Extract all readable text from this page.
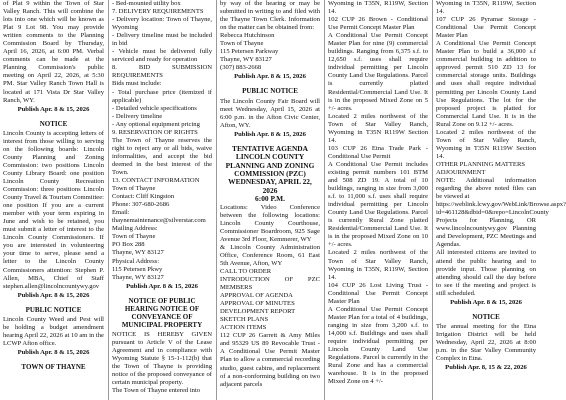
of Plat 9 within the Town of Star Valley Ranch. This will combine the lots into one which will be known as Plat 9 Lot 98. You may provide written comments to the Planning Commission Board by Thursday, April 16, 2026, at 6:00 PM. Verbal comments can be made at the Planning Commission's public meeting on April 22, 2026, at 5:30 PM. Star Valley Ranch Town Hall is located at 171 Vista Dr Star Valley Ranch, WY.

Publish Apr. 8 & 15, 2026

NOTICE

Lincoln County is accepting letters of interest from those willing to serving on the following boards: Lincoln County Planning and Zoning Commission: two positions Lincoln County Library Board: one position Lincoln County Recreation Commission: three positions Lincoln County Travel & Tourism Committee: one position If you are a current member with your term expiring in June and wish to be retained, you must submit a letter of interest to the Lincoln County Commissioners. If you are interested in volunteering your time to serve, please send a letter to the Lincoln County Commissioners attention: Stephen P. Allen, MBA, Chief of Staff stephen.allen@lincolncountywy.gov

Publish Apr. 8 & 15, 2026

PUBLIC NOTICE

Lincoln County Weed and Pest will be holding a budget amendment hearing April 22, 2026 at 10 am in the LCWP Afton office.

Publish Apr. 8 & 15, 2026

TOWN OF THAYNE

- Bed-mounted utility box
7. DELIVERY REQUIREMENTS
- Delivery location: Town of Thayne, Wyoming
- Delivery timeline must be included in bid
- Vehicle must be delivered fully serviced and ready for operation
8. BID SUBMISSION REQUIREMENTS
Bids must include:
- Total purchase price (itemized if applicable)
- Detailed vehicle specifications
- Delivery timeline
- Any optional equipment pricing
9. RESERVATION OF RIGHTS
The Town of Thayne reserves the right to reject any or all bids, waive informalities, and accept the bid deemed in the best interest of the Town.
13. CONTACT INFORMATION
Town of Thayne
Contact: Cliff Kingston
Phone: 307-680-2686
Email: thaynemaintenance@silverstar.com
Mailing Address:
Town of Thayne
PO Box 288
Thayne, WY 83127
Physical Address:
115 Petersen Pkwy
Thayne, WY 83127

Publish Apr. 8 & 15, 2026

NOTICE OF PUBLIC HEARING NOTICE OF CONVEYANCE OF MUNICIPAL PROPERTY

NOTICE IS HEREBY GIVEN pursuant to Article V of the Lease Agreement and in compliance with Wyoming Statute § 15-1-112(b) that the Town of Thayne is providing notice of the proposed conveyance of certain municipal property.
The Town of Thayne entered into

by way of the hearing or may be submitted in writing to and filed with the Thayne Town Clerk. Information on the matter can be obtained from:
Rebecca Hutchinson
Town of Thayne
115 Petersen Parkway
Thayne, WY 83127
(307) 883-2668

Publish Apr. 8 & 15, 2026

PUBLIC NOTICE

The Lincoln County Fair Board will meet Wednesday, April 15, 2026 at 6:00 p.m. in the Afton Civic Center, Afton, WY.

Publish Apr. 8 & 15, 2026

TENTATIVE AGENDA
LINCOLN COUNTY
PLANNING AND ZONING
COMMISSION (PZC)
WEDNESDAY, APRIL 22, 2026
6:00 P.M.

Locations: Video Conference between the following locations: Lincoln County Courthouse, Commissioner Boardroom, 925 Sage Avenue 3rd Floor, Kemmerer, WY
& Lincoln County Administration Office, Conference Room, 61 East 5th Avenue, Afton, WY
CALL TO ORDER
INTRODUCTION OF PZC MEMBERS
APPROVAL OF AGENDA
APPROVAL OF MINUTES
DEVELOPMENT REPORT
SKETCH PLANS
ACTION ITEMS
112 CUP 26 Garrett & Amy Miles and 95329 US 89 Revocable Trust - A Conditional Use Permit Master Plan to allow a commercial recording studio, guest cabins, and replacement of a non-conforming building on two adjacent parcels

Wyoming in T35N, R119W, Section 14.
102 CUP 26 Brown - Conditional Use Permit Concept Master Plan
A Conditional Use Permit Concept Master Plan for nine (9) commercial buildings. Ranging from 6,375 s.f. to 12,650 s.f. uses shall require individual permitting per Lincoln County Land Use Regulations. Parcel is currently platted Residential/Commercial Land Use. It is in the proposed Mixed Zone on 5 +/- acres.
Located 2 miles northwest of the Town of Star Valley Ranch, Wyoming in T35N R119W Section 14.
103 CUP 26 Etna Trade Park - Conditional Use Permit
A Conditional Use Permit includes existing permit numbers 101 BTM and 508 ZD 19. A total of 10 buildings, ranging in size from 3,000 s.f. to 11,000 s.f. uses shall require individual permitting per Lincoln County Land Use Regulations. Parcel is currently Rural Zone platted Residential/Commercial Land Use. It is in the proposed Mixed Zone on 10 +/- acres.
Located 2 miles northwest of the Town of Star Valley Ranch, Wyoming in T35N, R119W, Section 14.
104 CUP 26 Lost Living Trust - Conditional Use Permit Concept Master Plan
A Conditional Use Permit Concept Master Plan for a total of 4 buildings, ranging in size from 3,200 s.f. to 14,000 s.f. Buildings and uses shall require individual permitting per Lincoln County Land Use Regulations. Parcel is currently in the Rural Zone and has a commercial warehouse. It is in the proposed Mixed Zone on 4 +/-

Wyoming in T35N, R119W, Section 14.
107 CUP 26 Pyramar Storage - Conditional Use Permit Concept Master Plan
A Conditional Use Permit Concept Master Plan to build a 36,000 s.f commercial building in addition to approved permit 510 ZD 13 for commercial storage units. Buildings and uses shall require individual permitting per Lincoln County Land Use Regulations. The lot for the proposed project is platted for Commercial Land Use. It is in the Rural Zone on 9.12 +/- acres.
Located 2 miles northwest of the Town of Star Valley Ranch, Wyoming in T35N R119W Section 14.
OTHER PLANNING MATTERS
ADJOURNMENT
NOTE: Additional information regarding the above noted files can be viewed at
https://weblink.lcwy.gov/WebLink/Browse.aspx?id=461128&dbid=0&repo=LincolnCounty
Projects for Planning, OR www.lincolncountywy.gov Planning and Development, PZC Meetings and Agendas.
All interested citizens are invited to attend the public hearing and to provide input. Those planning on attending should call the day before to see if the meeting and project is still scheduled.

Publish Apr. 8 & 15, 2026

NOTICE

The annual meeting for the Etna Irrigation District will be held Wednesday, April 22, 2026 at 8:00 p.m. in the Star Valley Community Complex in Etna.

Publish Apr. 8, 15 & 22, 2026
